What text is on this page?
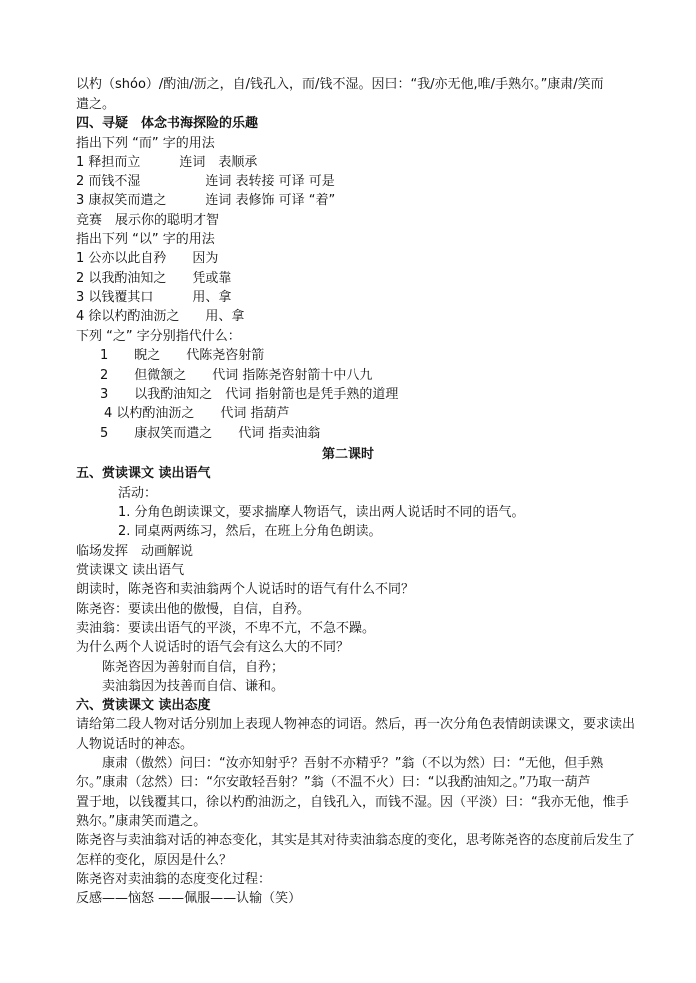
以杓（shóo）/酌油/沥之，自/钱孔入，而/钱不湿。因曰：“我/亦无他,唯/手熟尔。”康肃/笑而
遣之。
四、寻疑　体念书海探险的乐趣
指出下列 “而” 字的用法
1 释担而立　　　连词　表顺承
2 而钱不湿　　　　　连词 表转接 可译 可是
3 康叔笑而遣之　　　连词 表修饰 可译 “着”
竞赛　展示你的聪明才智
指出下列 “以” 字的用法
1 公亦以此自矜　　因为
2 以我酌油知之　　凭或靠
3 以钱覆其口　　　用、拿
4 徐以杓酌油沥之　　用、拿
下列 “之” 字分别指代什么：
1　　睨之　　代陈尧咨射箭
2　　但微颔之　　代词 指陈尧咨射箭十中八九
3　　以我酌油知之　代词 指射箭也是凭手熟的道理
4 以杓酌油沥之　　代词 指葫芦
5　　康叔笑而遣之　　代词 指卖油翁
第二课时
五、赏读课文 读出语气
活动：
1. 分角色朗读课文，要求揣摩人物语气，读出两人说话时不同的语气。
2. 同桌两两练习，然后，在班上分角色朗读。
临场发挥　动画解说
赏读课文 读出语气
朗读时，陈尧咨和卖油翁两个人说话时的语气有什么不同？
陈尧咨：要读出他的傲慢，自信，自矜。
卖油翁：要读出语气的平淡，不卑不亢，不急不躁。
为什么两个人说话时的语气会有这么大的不同？
陈尧咨因为善射而自信，自矜；
卖油翁因为技善而自信、谦和。
六、赏读课文 读出态度
请给第二段人物对话分别加上表现人物神态的词语。然后，再一次分角色表情朗读课文，要求读出
人物说话时的神态。
康肃（傲然）问曰：“汝亦知射乎？吾射不亦精乎？”翁（不以为然）曰：“无他，但手熟
尔。”康肃（忿然）曰：“尔安敢轻吾射？”翁（不温不火）曰：“以我酌油知之。”乃取一葫芦
置于地，以钱覆其口，徐以杓酌油沥之，自钱孔入，而钱不湿。因（平淡）曰：“我亦无他，惟手
熟尔。”康肃笑而遣之。
陈尧咨与卖油翁对话的神态变化，其实是其对待卖油翁态度的变化，思考陈尧咨的态度前后发生了
怎样的变化，原因是什么？
陈尧咨对卖油翁的态度变化过程：
反感——恼怒 ——佩服——认输（笑）
